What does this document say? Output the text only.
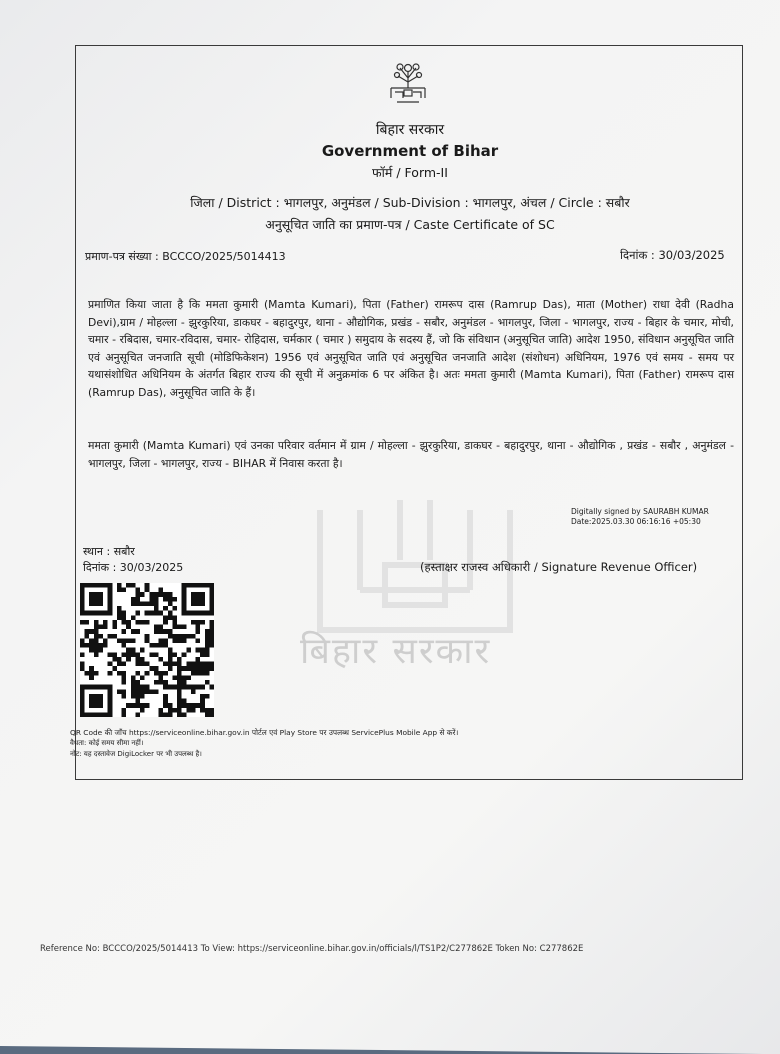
बिहार सरकार
बिहार सरकार
Government of Bihar
फॉर्म / Form-II
जिला / District : भागलपुर, अनुमंडल / Sub-Division : भागलपुर, अंचल / Circle : सबौर
अनुसूचित जाति का प्रमाण-पत्र / Caste Certificate of SC
प्रमाण-पत्र संख्या : BCCCO/2025/5014413	दिनांक : 30/03/2025
प्रमाणित किया जाता है कि ममता कुमारी (Mamta Kumari), पिता (Father) रामरूप दास (Ramrup Das), माता (Mother) राधा देवी (Radha Devi),ग्राम / मोहल्ला - झुरकुरिया, डाकघर - बहादुरपुर, थाना - औद्योगिक, प्रखंड - सबौर, अनुमंडल - भागलपुर, जिला - भागलपुर, राज्य - बिहार के चमार, मोची, चमार - रबिदास, चमार-रविदास, चमार- रोहिदास, चर्मकार ( चमार ) समुदाय के सदस्य हैं, जो कि संविधान (अनुसूचित जाति) आदेश 1950, संविधान अनुसूचित जाति एवं अनुसूचित जनजाति सूची (मोडिफिकेशन) 1956 एवं अनुसूचित जाति एवं अनुसूचित जनजाति आदेश (संशोधन) अधिनियम, 1976 एवं समय - समय पर यथासंशोधित अधिनियम के अंतर्गत बिहार राज्य की सूची में अनुक्रमांक 6 पर अंकित है। अतः ममता कुमारी (Mamta Kumari), पिता (Father) रामरूप दास (Ramrup Das), अनुसूचित जाति के हैं।
ममता कुमारी (Mamta Kumari) एवं उनका परिवार वर्तमान में ग्राम / मोहल्ला - झुरकुरिया, डाकघर - बहादुरपुर, थाना - औद्योगिक , प्रखंड - सबौर , अनुमंडल - भागलपुर, जिला - भागलपुर, राज्य - BIHAR में निवास करता है।
Digitally signed by SAURABH KUMAR
Date:2025.03.30 06:16:16 +05:30
स्थान : सबौर
दिनांक : 30/03/2025	(हस्ताक्षर राजस्व अधिकारी / Signature Revenue Officer)
QR Code की जाँच https://serviceonline.bihar.gov.in पोर्टल एवं Play Store पर उपलब्ध ServicePlus Mobile App से करें।
वैधता: कोई समय सीमा नहीं।
नोट: यह दस्तावेज DigiLocker पर भी उपलब्ध है।
Reference No: BCCCO/2025/5014413 To View: https://serviceonline.bihar.gov.in/officials/l/TS1P2/C277862E Token No: C277862E
